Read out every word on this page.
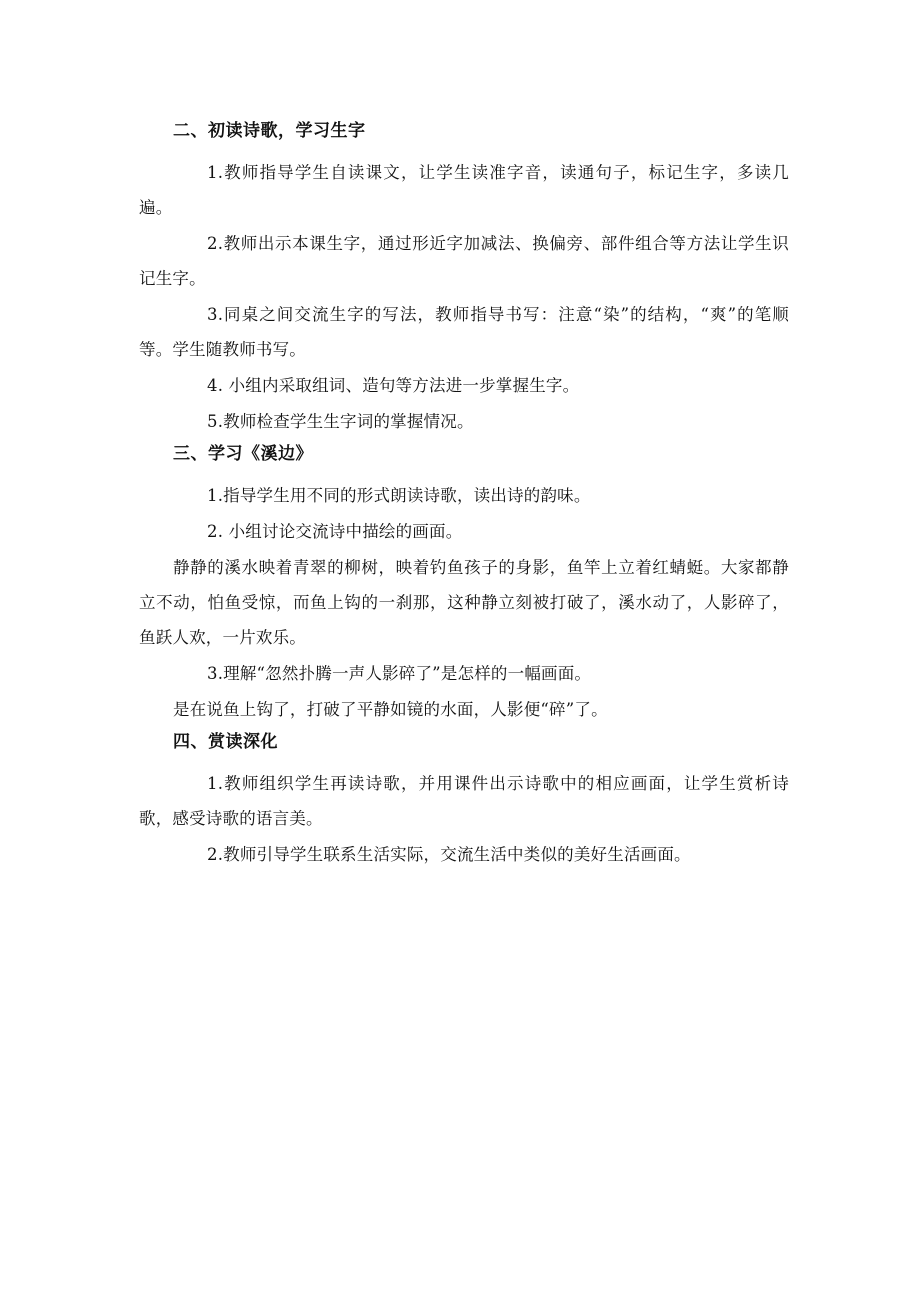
二、初读诗歌，学习生字

1.教师指导学生自读课文，让学生读准字音，读通句子，标记生字，多读几遍。

2.教师出示本课生字，通过形近字加减法、换偏旁、部件组合等方法让学生识记生字。

3.同桌之间交流生字的写法，教师指导书写：注意“染”的结构，“爽”的笔顺等。学生随教师书写。

4. 小组内采取组词、造句等方法进一步掌握生字。

5.教师检查学生生字词的掌握情况。

三、学习《溪边》

1.指导学生用不同的形式朗读诗歌，读出诗的韵味。

2. 小组讨论交流诗中描绘的画面。

静静的溪水映着青翠的柳树，映着钓鱼孩子的身影，鱼竿上立着红蜻蜓。大家都静立不动，怕鱼受惊，而鱼上钩的一刹那，这种静立刻被打破了，溪水动了，人影碎了，鱼跃人欢，一片欢乐。

3.理解“忽然扑腾一声人影碎了”是怎样的一幅画面。

是在说鱼上钩了，打破了平静如镜的水面，人影便“碎”了。

四、赏读深化

1.教师组织学生再读诗歌，并用课件出示诗歌中的相应画面，让学生赏析诗歌，感受诗歌的语言美。

2.教师引导学生联系生活实际，交流生活中类似的美好生活画面。
